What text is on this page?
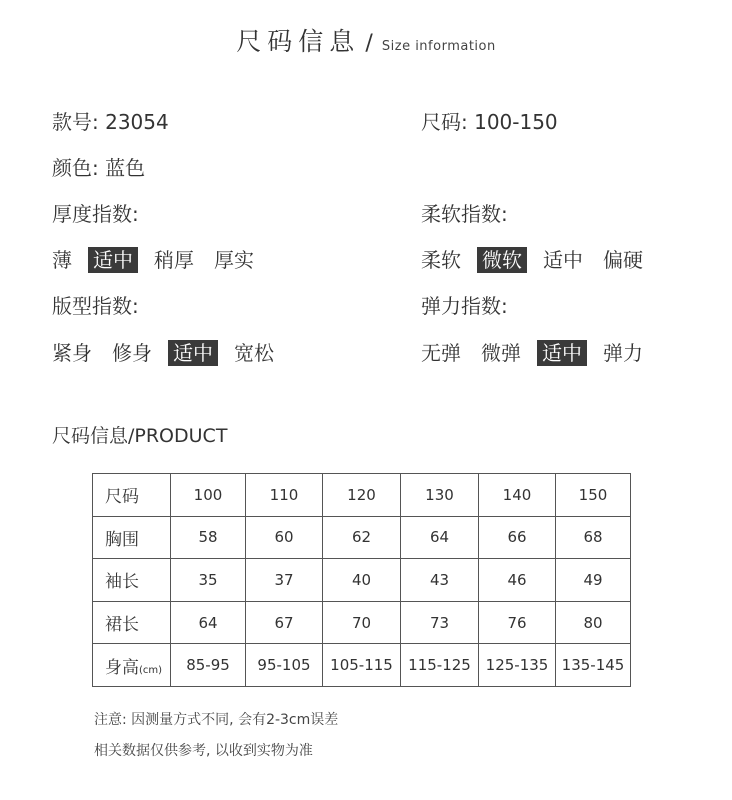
尺码信息 / Size information
款号: 23054	尺码: 100-150
颜色: 蓝色
厚度指数:	柔软指数:
薄 适中 稍厚 厚实	柔软 微软 适中 偏硬
版型指数:	弹力指数:
紧身 修身 适中 宽松	无弹 微弹 适中 弹力
尺码信息/PRODUCT
尺码	100	110	120	130	140	150
胸围	58	60	62	64	66	68
袖长	35	37	40	43	46	49
裙长	64	67	70	73	76	80
身高(cm)	85-95	95-105	105-115	115-125	125-135	135-145
注意: 因测量方式不同, 会有2-3cm误差
相关数据仅供参考, 以收到实物为准
